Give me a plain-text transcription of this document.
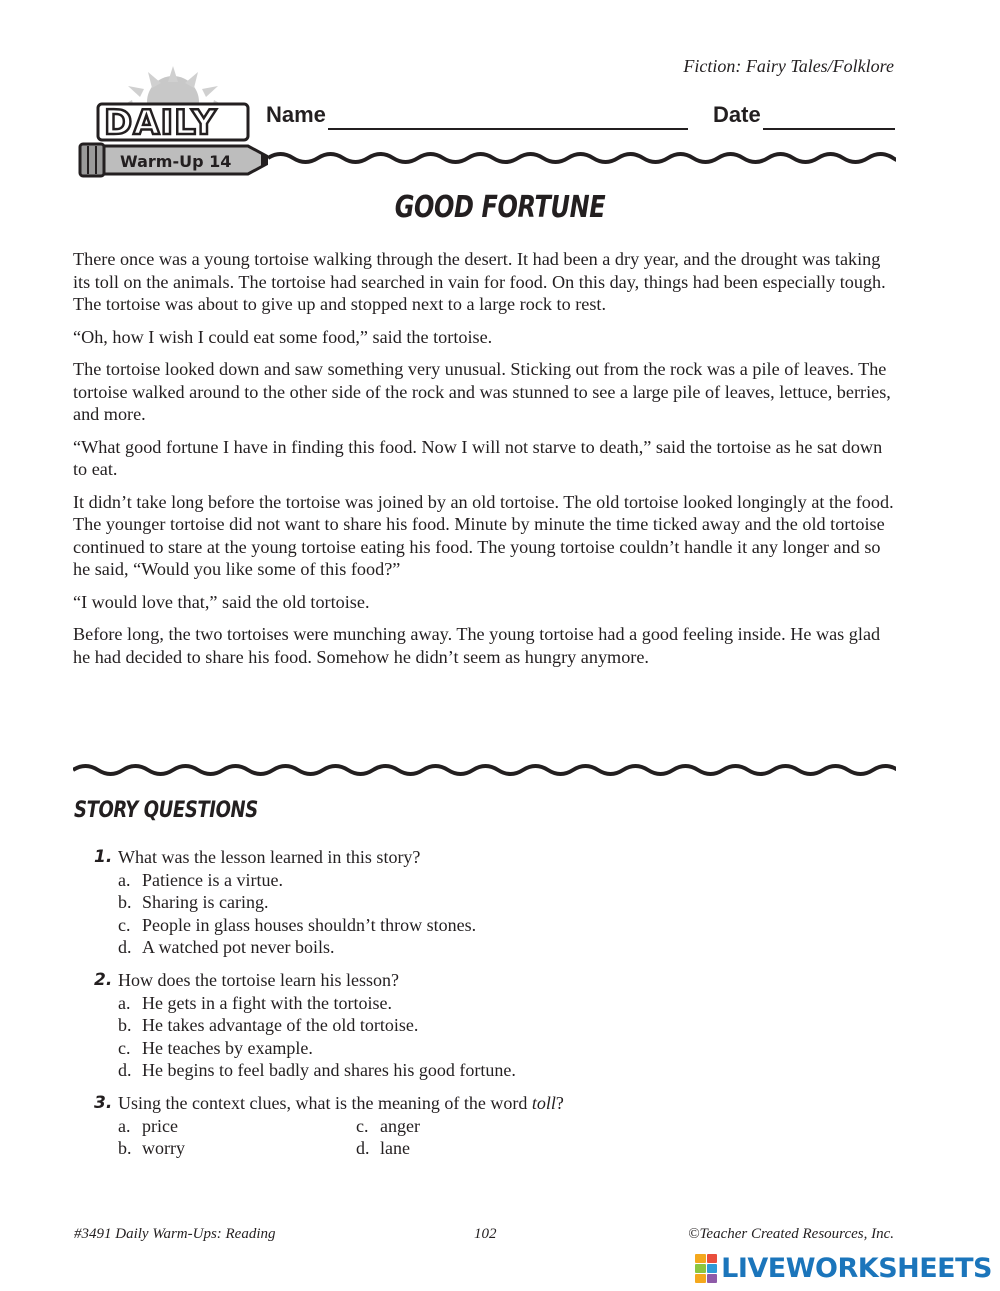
Fiction: Fairy Tales/Folklore
DAILY
Warm-Up 14
Name	Date
GOOD FORTUNE

There once was a young tortoise walking through the desert. It had been a dry year, and the drought was taking its toll on the animals. The tortoise had searched in vain for food. On this day, things had been especially tough. The tortoise was about to give up and stopped next to a large rock to rest.

“Oh, how I wish I could eat some food,” said the tortoise.

The tortoise looked down and saw something very unusual. Sticking out from the rock was a pile of leaves. The tortoise walked around to the other side of the rock and was stunned to see a large pile of leaves, lettuce, berries, and more.

“What good fortune I have in finding this food. Now I will not starve to death,” said the tortoise as he sat down to eat.

It didn’t take long before the tortoise was joined by an old tortoise. The old tortoise looked longingly at the food. The younger tortoise did not want to share his food. Minute by minute the time ticked away and the old tortoise continued to stare at the young tortoise eating his food. The young tortoise couldn’t handle it any longer and so he said, “Would you like some of this food?”

“I would love that,” said the old tortoise.

Before long, the two tortoises were munching away. The young tortoise had a good feeling inside. He was glad he had decided to share his food. Somehow he didn’t seem as hungry anymore.

STORY QUESTIONS
1. What was the lesson learned in this story?
a. Patience is a virtue.
b. Sharing is caring.
c. People in glass houses shouldn’t throw stones.
d. A watched pot never boils.
2. How does the tortoise learn his lesson?
a. He gets in a fight with the tortoise.
b. He takes advantage of the old tortoise.
c. He teaches by example.
d. He begins to feel badly and shares his good fortune.
3. Using the context clues, what is the meaning of the word toll?
a. price	c. anger
b. worry	d. lane
#3491 Daily Warm-Ups: Reading	102	©Teacher Created Resources, Inc.
LIVEWORKSHEETS
